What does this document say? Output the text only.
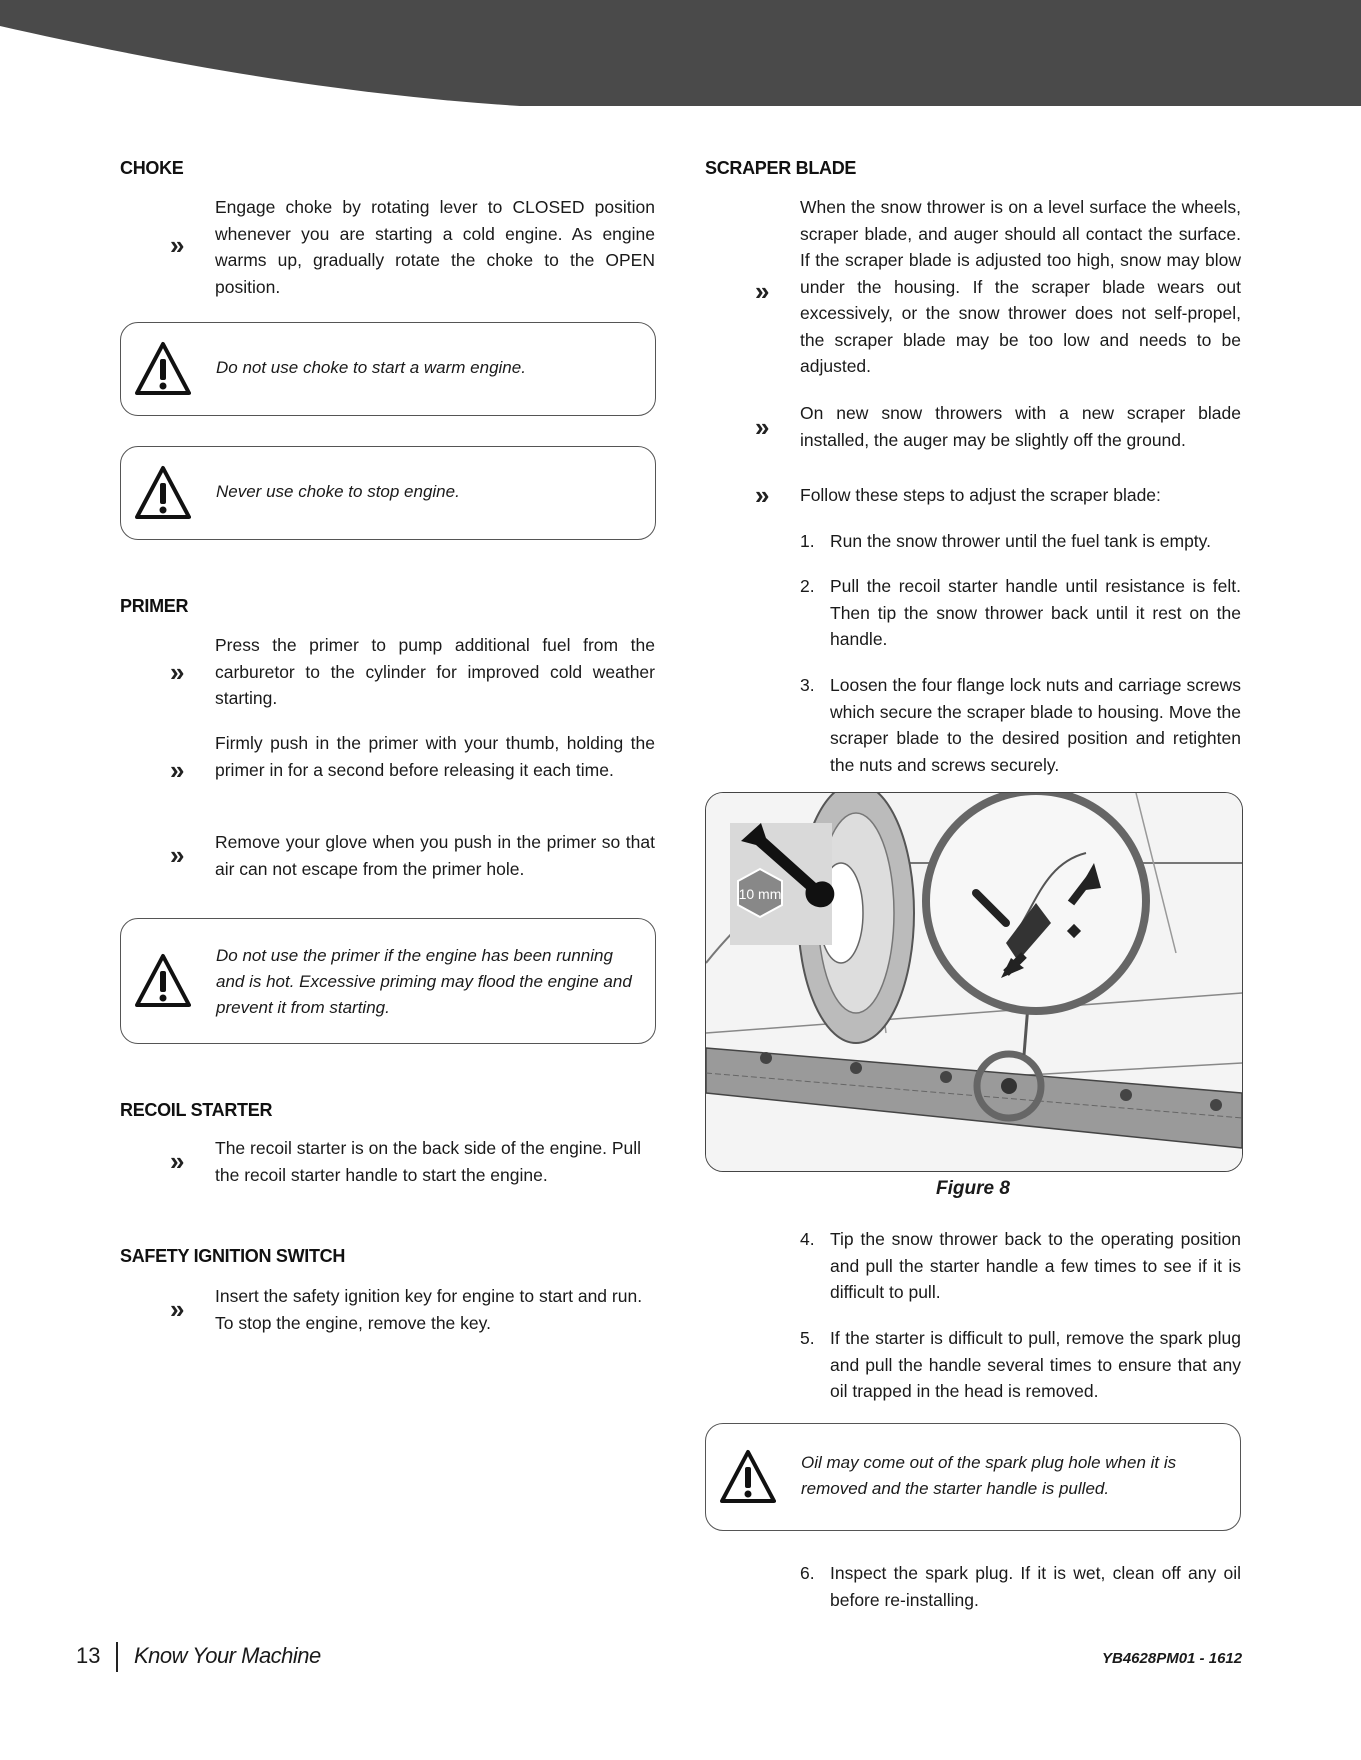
CHOKE
»
Engage choke by rotating lever to CLOSED position whenever you are starting a cold engine. As engine warms up, gradually rotate the choke to the OPEN position.
Do not use choke to start a warm engine.
Never use choke to stop engine.
PRIMER
»
Press the primer to pump additional fuel from the carburetor to the cylinder for improved cold weather starting.
»
Firmly push in the primer with your thumb, holding the primer in for a second before releasing it each time.
» Remove your glove when you push in the primer so that air can not escape from the primer hole.
Do not use the primer if the engine has been running and is hot. Excessive priming may flood the engine and prevent it from starting.
RECOIL STARTER
» The recoil starter is on the back side of the engine. Pull the recoil starter handle to start the engine.
SAFETY IGNITION SWITCH
» Insert the safety ignition key for engine to start and run. To stop the engine, remove the key.
SCRAPER BLADE
»
When the snow thrower is on a level surface the wheels, scraper blade, and auger should all contact the surface. If the scraper blade is adjusted too high, snow may blow under the housing. If the scraper blade wears out excessively, or the snow thrower does not self-propel, the scraper blade may be too low and needs to be adjusted.
» On new snow throwers with a new scraper blade installed, the auger may be slightly off the ground.
» Follow these steps to adjust the scraper blade:
1. Run the snow thrower until the fuel tank is empty.
2. Pull the recoil starter handle until resistance is felt. Then tip the snow thrower back until it rest on the handle.
3. Loosen the four flange lock nuts and carriage screws which secure the scraper blade to housing. Move the scraper blade to the desired position and retighten the nuts and screws securely.
10 mm
Figure 8
4. Tip the snow thrower back to the operating position and pull the starter handle a few times to see if it is difficult to pull.
5. If the starter is difficult to pull, remove the spark plug and pull the handle several times to ensure that any oil trapped in the head is removed.
Oil may come out of the spark plug hole when it is removed and the starter handle is pulled.
6. Inspect the spark plug. If it is wet, clean off any oil before re-installing.
13 Know Your Machine	YB4628PM01 - 1612
